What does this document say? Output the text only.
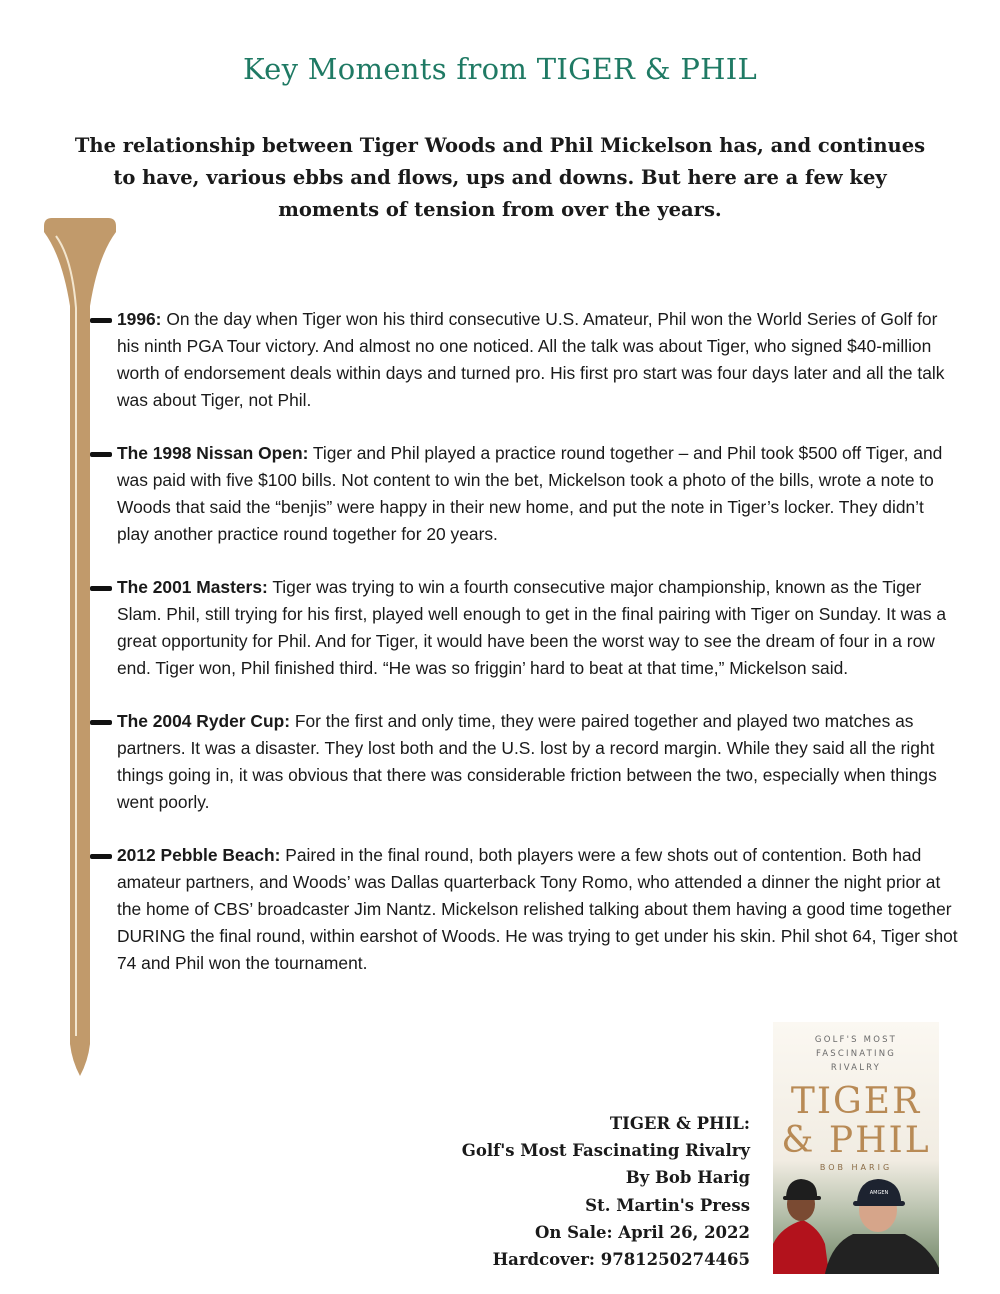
Key Moments from TIGER & PHIL
The relationship between Tiger Woods and Phil Mickelson has, and continues to have, various ebbs and flows, ups and downs. But here are a few key moments of tension from over the years.
1996: On the day when Tiger won his third consecutive U.S. Amateur, Phil won the World Series of Golf for his ninth PGA Tour victory. And almost no one noticed. All the talk was about Tiger, who signed $40-million worth of endorsement deals within days and turned pro. His first pro start was four days later and all the talk was about Tiger, not Phil.
The 1998 Nissan Open: Tiger and Phil played a practice round together – and Phil took $500 off Tiger, and was paid with five $100 bills. Not content to win the bet, Mickelson took a photo of the bills, wrote a note to Woods that said the “benjis” were happy in their new home, and put the note in Tiger’s locker. They didn’t play another practice round together for 20 years.
The 2001 Masters: Tiger was trying to win a fourth consecutive major championship, known as the Tiger Slam. Phil, still trying for his first, played well enough to get in the final pairing with Tiger on Sunday. It was a great opportunity for Phil. And for Tiger, it would have been the worst way to see the dream of four in a row end. Tiger won, Phil finished third. “He was so friggin’ hard to beat at that time,” Mickelson said.
The 2004 Ryder Cup: For the first and only time, they were paired together and played two matches as partners. It was a disaster. They lost both and the U.S. lost by a record margin. While they said all the right things going in, it was obvious that there was considerable friction between the two, especially when things went poorly.
2012 Pebble Beach: Paired in the final round, both players were a few shots out of contention. Both had amateur partners, and Woods’ was Dallas quarterback Tony Romo, who attended a dinner the night prior at the home of CBS’ broadcaster Jim Nantz. Mickelson relished talking about them having a good time together DURING the final round, within earshot of Woods. He was trying to get under his skin. Phil shot 64, Tiger shot 74 and Phil won the tournament.
TIGER & PHIL:
Golf's Most Fascinating Rivalry
By Bob Harig
St. Martin's Press
On Sale: April 26, 2022
Hardcover: 9781250274465
GOLF'S MOST
FASCINATING
RIVALRY
TIGER
& PHIL
BOB HARIG
AMGEN
